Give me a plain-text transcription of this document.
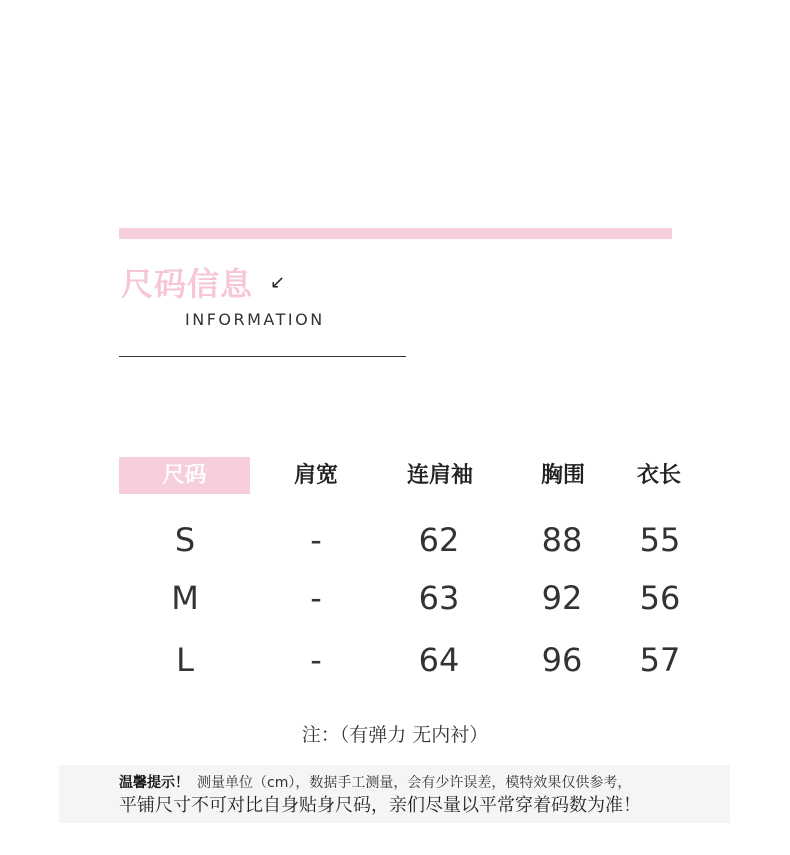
尺码信息 ↙
INFORMATION
尺码	肩宽	连肩袖	胸围	衣长
S	-	62	88	55
M	-	63	92	56
L	-	64	96	57
注：（有弹力 无内衬）
温馨提示！ 测量单位（cm），数据手工测量，会有少许误差，模特效果仅供参考，
平铺尺寸不可对比自身贴身尺码，亲们尽量以平常穿着码数为准！
